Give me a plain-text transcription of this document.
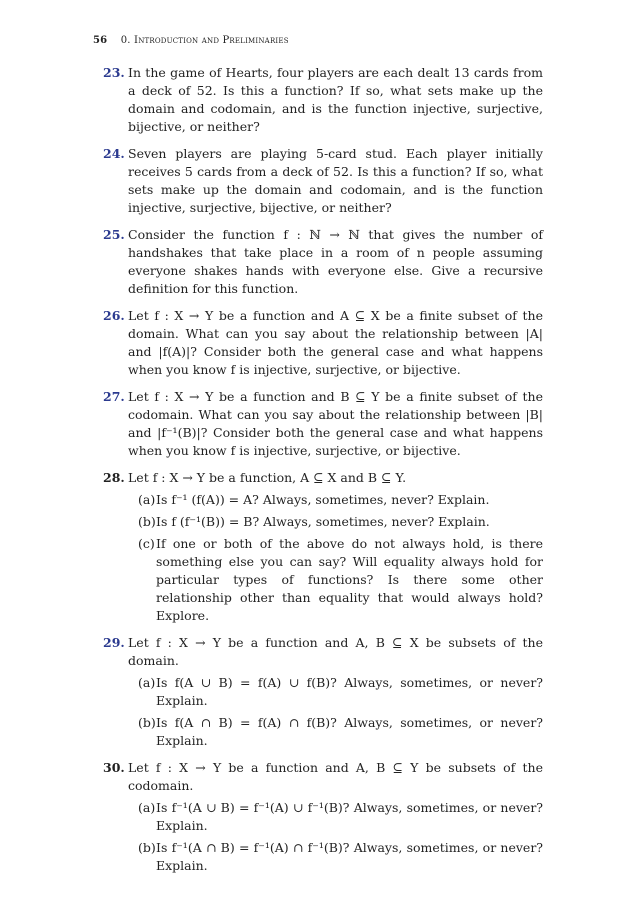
56 0. Introduction and Preliminaries
23. In the game of Hearts, four players are each dealt 13 cards from a deck of 52. Is this a function? If so, what sets make up the domain and codomain, and is the function injective, surjective, bijective, or neither?
24. Seven players are playing 5-card stud. Each player initially receives 5 cards from a deck of 52. Is this a function? If so, what sets make up the domain and codomain, and is the function injective, surjective, bijective, or neither?
25. Consider the function f : ℕ → ℕ that gives the number of handshakes that take place in a room of n people assuming everyone shakes hands with everyone else. Give a recursive definition for this function.
26. Let f : X → Y be a function and A ⊆ X be a finite subset of the domain. What can you say about the relationship between |A| and |f(A)|? Consider both the general case and what happens when you know f is injective, surjective, or bijective.
27. Let f : X → Y be a function and B ⊆ Y be a finite subset of the codomain. What can you say about the relationship between |B| and |f⁻¹(B)|? Consider both the general case and what happens when you know f is injective, surjective, or bijective.
28. Let f : X → Y be a function, A ⊆ X and B ⊆ Y.
(a) Is f⁻¹ (f(A)) = A? Always, sometimes, never? Explain.
(b) Is f (f⁻¹(B)) = B? Always, sometimes, never? Explain.
(c) If one or both of the above do not always hold, is there something else you can say? Will equality always hold for particular types of functions? Is there some other relationship other than equality that would always hold? Explore.
29. Let f : X → Y be a function and A, B ⊆ X be subsets of the domain.
(a) Is f(A ∪ B) = f(A) ∪ f(B)? Always, sometimes, or never? Explain.
(b) Is f(A ∩ B) = f(A) ∩ f(B)? Always, sometimes, or never? Explain.
30. Let f : X → Y be a function and A, B ⊆ Y be subsets of the codomain.
(a) Is f⁻¹(A ∪ B) = f⁻¹(A) ∪ f⁻¹(B)? Always, sometimes, or never? Explain.
(b) Is f⁻¹(A ∩ B) = f⁻¹(A) ∩ f⁻¹(B)? Always, sometimes, or never? Explain.
